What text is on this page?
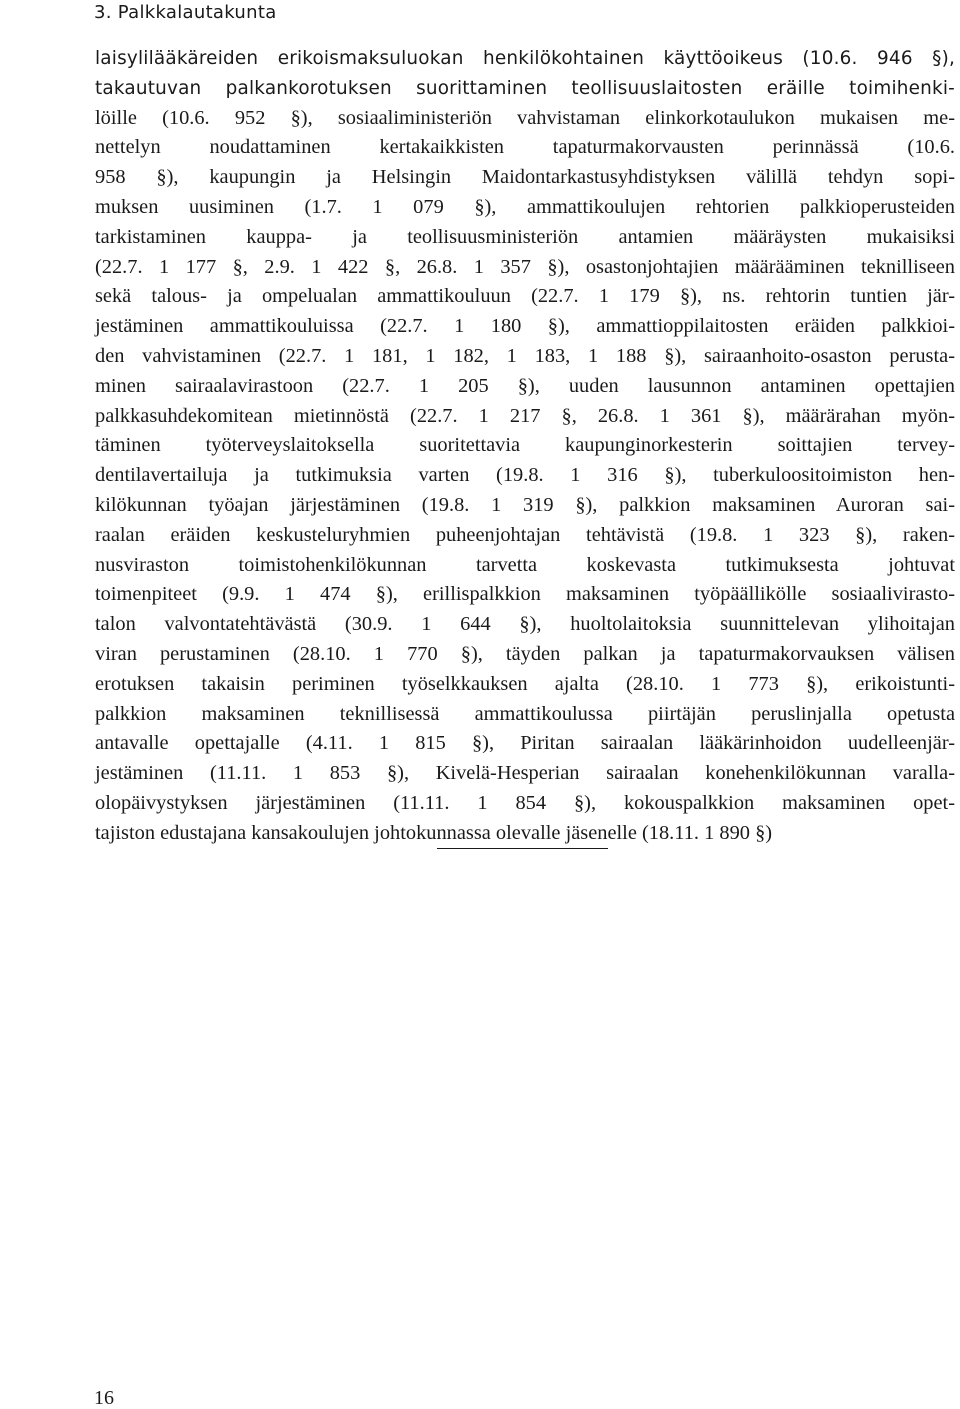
3. Palkkalautakunta
laisylilääkäreiden erikoismaksuluokan henkilökohtainen käyttöoikeus (10.6. 946 §),
takautuvan palkankorotuksen suorittaminen teollisuuslaitosten eräille toimihenki-
löille (10.6. 952 §), sosiaaliministeriön vahvistaman elinkorkotaulukon mukaisen me-
nettelyn noudattaminen kertakaikkisten tapaturmakorvausten perinnässä (10.6.
958 §), kaupungin ja Helsingin Maidontarkastusyhdistyksen välillä tehdyn sopi-
muksen uusiminen (1.7. 1 079 §), ammattikoulujen rehtorien palkkioperusteiden
tarkistaminen kauppa- ja teollisuusministeriön antamien määräysten mukaisiksi
(22.7. 1 177 §, 2.9. 1 422 §, 26.8. 1 357 §), osastonjohtajien määrääminen teknilliseen
sekä talous- ja ompelualan ammattikouluun (22.7. 1 179 §), ns. rehtorin tuntien jär-
jestäminen ammattikouluissa (22.7. 1 180 §), ammattioppilaitosten eräiden palkkioi-
den vahvistaminen (22.7. 1 181, 1 182, 1 183, 1 188 §), sairaanhoito-osaston perusta-
minen sairaalavirastoon (22.7. 1 205 §), uuden lausunnon antaminen opettajien
palkkasuhdekomitean mietinnöstä (22.7. 1 217 §, 26.8. 1 361 §), määrärahan myön-
täminen työterveyslaitoksella suoritettavia kaupunginorkesterin soittajien tervey-
dentilavertailuja ja tutkimuksia varten (19.8. 1 316 §), tuberkuloositoimiston hen-
kilökunnan työajan järjestäminen (19.8. 1 319 §), palkkion maksaminen Auroran sai-
raalan eräiden keskusteluryhmien puheenjohtajan tehtävistä (19.8. 1 323 §), raken-
nusviraston toimistohenkilökunnan tarvetta koskevasta tutkimuksesta johtuvat
toimenpiteet (9.9. 1 474 §), erillispalkkion maksaminen työpäällikölle sosiaalivirasto-
talon valvontatehtävästä (30.9. 1 644 §), huoltolaitoksia suunnittelevan ylihoitajan
viran perustaminen (28.10. 1 770 §), täyden palkan ja tapaturmakorvauksen välisen
erotuksen takaisin periminen työselkkauksen ajalta (28.10. 1 773 §), erikoistunti-
palkkion maksaminen teknillisessä ammattikoulussa piirtäjän peruslinjalla opetusta
antavalle opettajalle (4.11. 1 815 §), Piritan sairaalan lääkärinhoidon uudelleenjär-
jestäminen (11.11. 1 853 §), Kivelä-Hesperian sairaalan konehenkilökunnan varalla-
olopäivystyksen järjestäminen (11.11. 1 854 §), kokouspalkkion maksaminen opet-
tajiston edustajana kansakoulujen johtokunnassa olevalle jäsenelle (18.11. 1 890 §)
16
